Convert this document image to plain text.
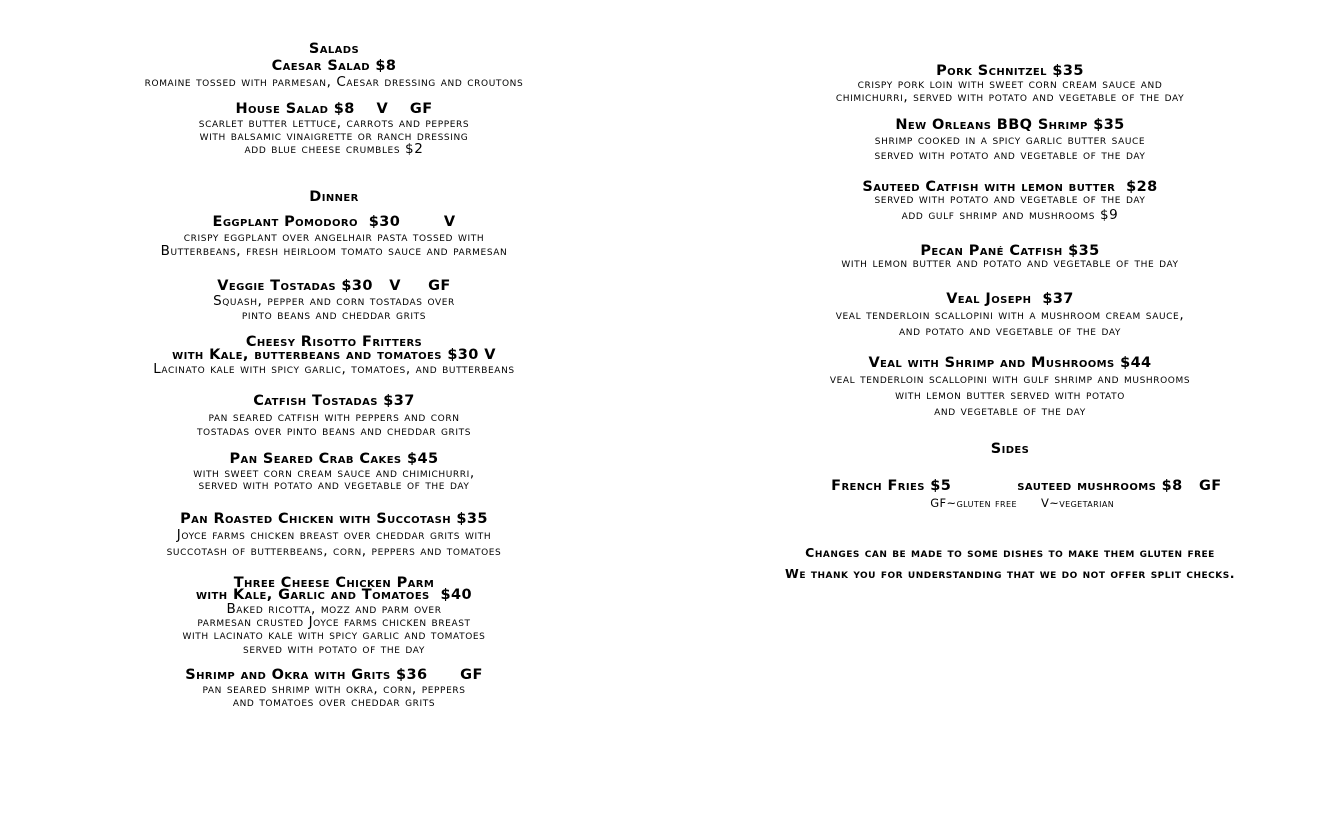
Salads
Caesar Salad $8
romaine tossed with parmesan, Caesar dressing and croutons
House Salad $8    V    GF
scarlet butter lettuce, carrots and peppers
with balsamic vinaigrette or ranch dressing
add blue cheese crumbles $2
Dinner
Eggplant Pomodoro  $30        V
crispy eggplant over angelhair pasta tossed with
Butterbeans, fresh heirloom tomato sauce and parmesan
Veggie Tostadas $30   V     GF
Squash, pepper and corn tostadas over
pinto beans and cheddar grits
Cheesy Risotto Fritters
with Kale, butterbeans and tomatoes $30 V
Lacinato kale with spicy garlic, tomatoes, and butterbeans
Catfish Tostadas $37
pan seared catfish with peppers and corn
tostadas over pinto beans and cheddar grits
Pan Seared Crab Cakes $45
with sweet corn cream sauce and chimichurri,
served with potato and vegetable of the day
Pan Roasted Chicken with Succotash $35
Joyce farms chicken breast over cheddar grits with
succotash of butterbeans, corn, peppers and tomatoes
Three Cheese Chicken Parm
with Kale, Garlic and Tomatoes  $40
Baked ricotta, mozz and parm over
parmesan crusted Joyce farms chicken breast
with lacinato kale with spicy garlic and tomatoes
served with potato of the day
Shrimp and Okra with Grits $36      GF
pan seared shrimp with okra, corn, peppers
and tomatoes over cheddar grits
Pork Schnitzel $35
crispy pork loin with sweet corn cream sauce and
chimichurri, served with potato and vegetable of the day
New Orleans BBQ Shrimp $35
shrimp cooked in a spicy garlic butter sauce
served with potato and vegetable of the day
Sauteed Catfish with lemon butter  $28
served with potato and vegetable of the day
add gulf shrimp and mushrooms $9
Pecan Pané Catfish $35
with lemon butter and potato and vegetable of the day
Veal Joseph  $37
veal tenderloin scallopini with a mushroom cream sauce,
and potato and vegetable of the day
Veal with Shrimp and Mushrooms $44
veal tenderloin scallopini with gulf shrimp and mushrooms
with lemon butter served with potato
and vegetable of the day
Sides

French Fries $5	sauteed mushrooms $8   GF

GF~gluten free V~vegetarian

Changes can be made to some dishes to make them gluten free
We thank you for understanding that we do not offer split checks.
